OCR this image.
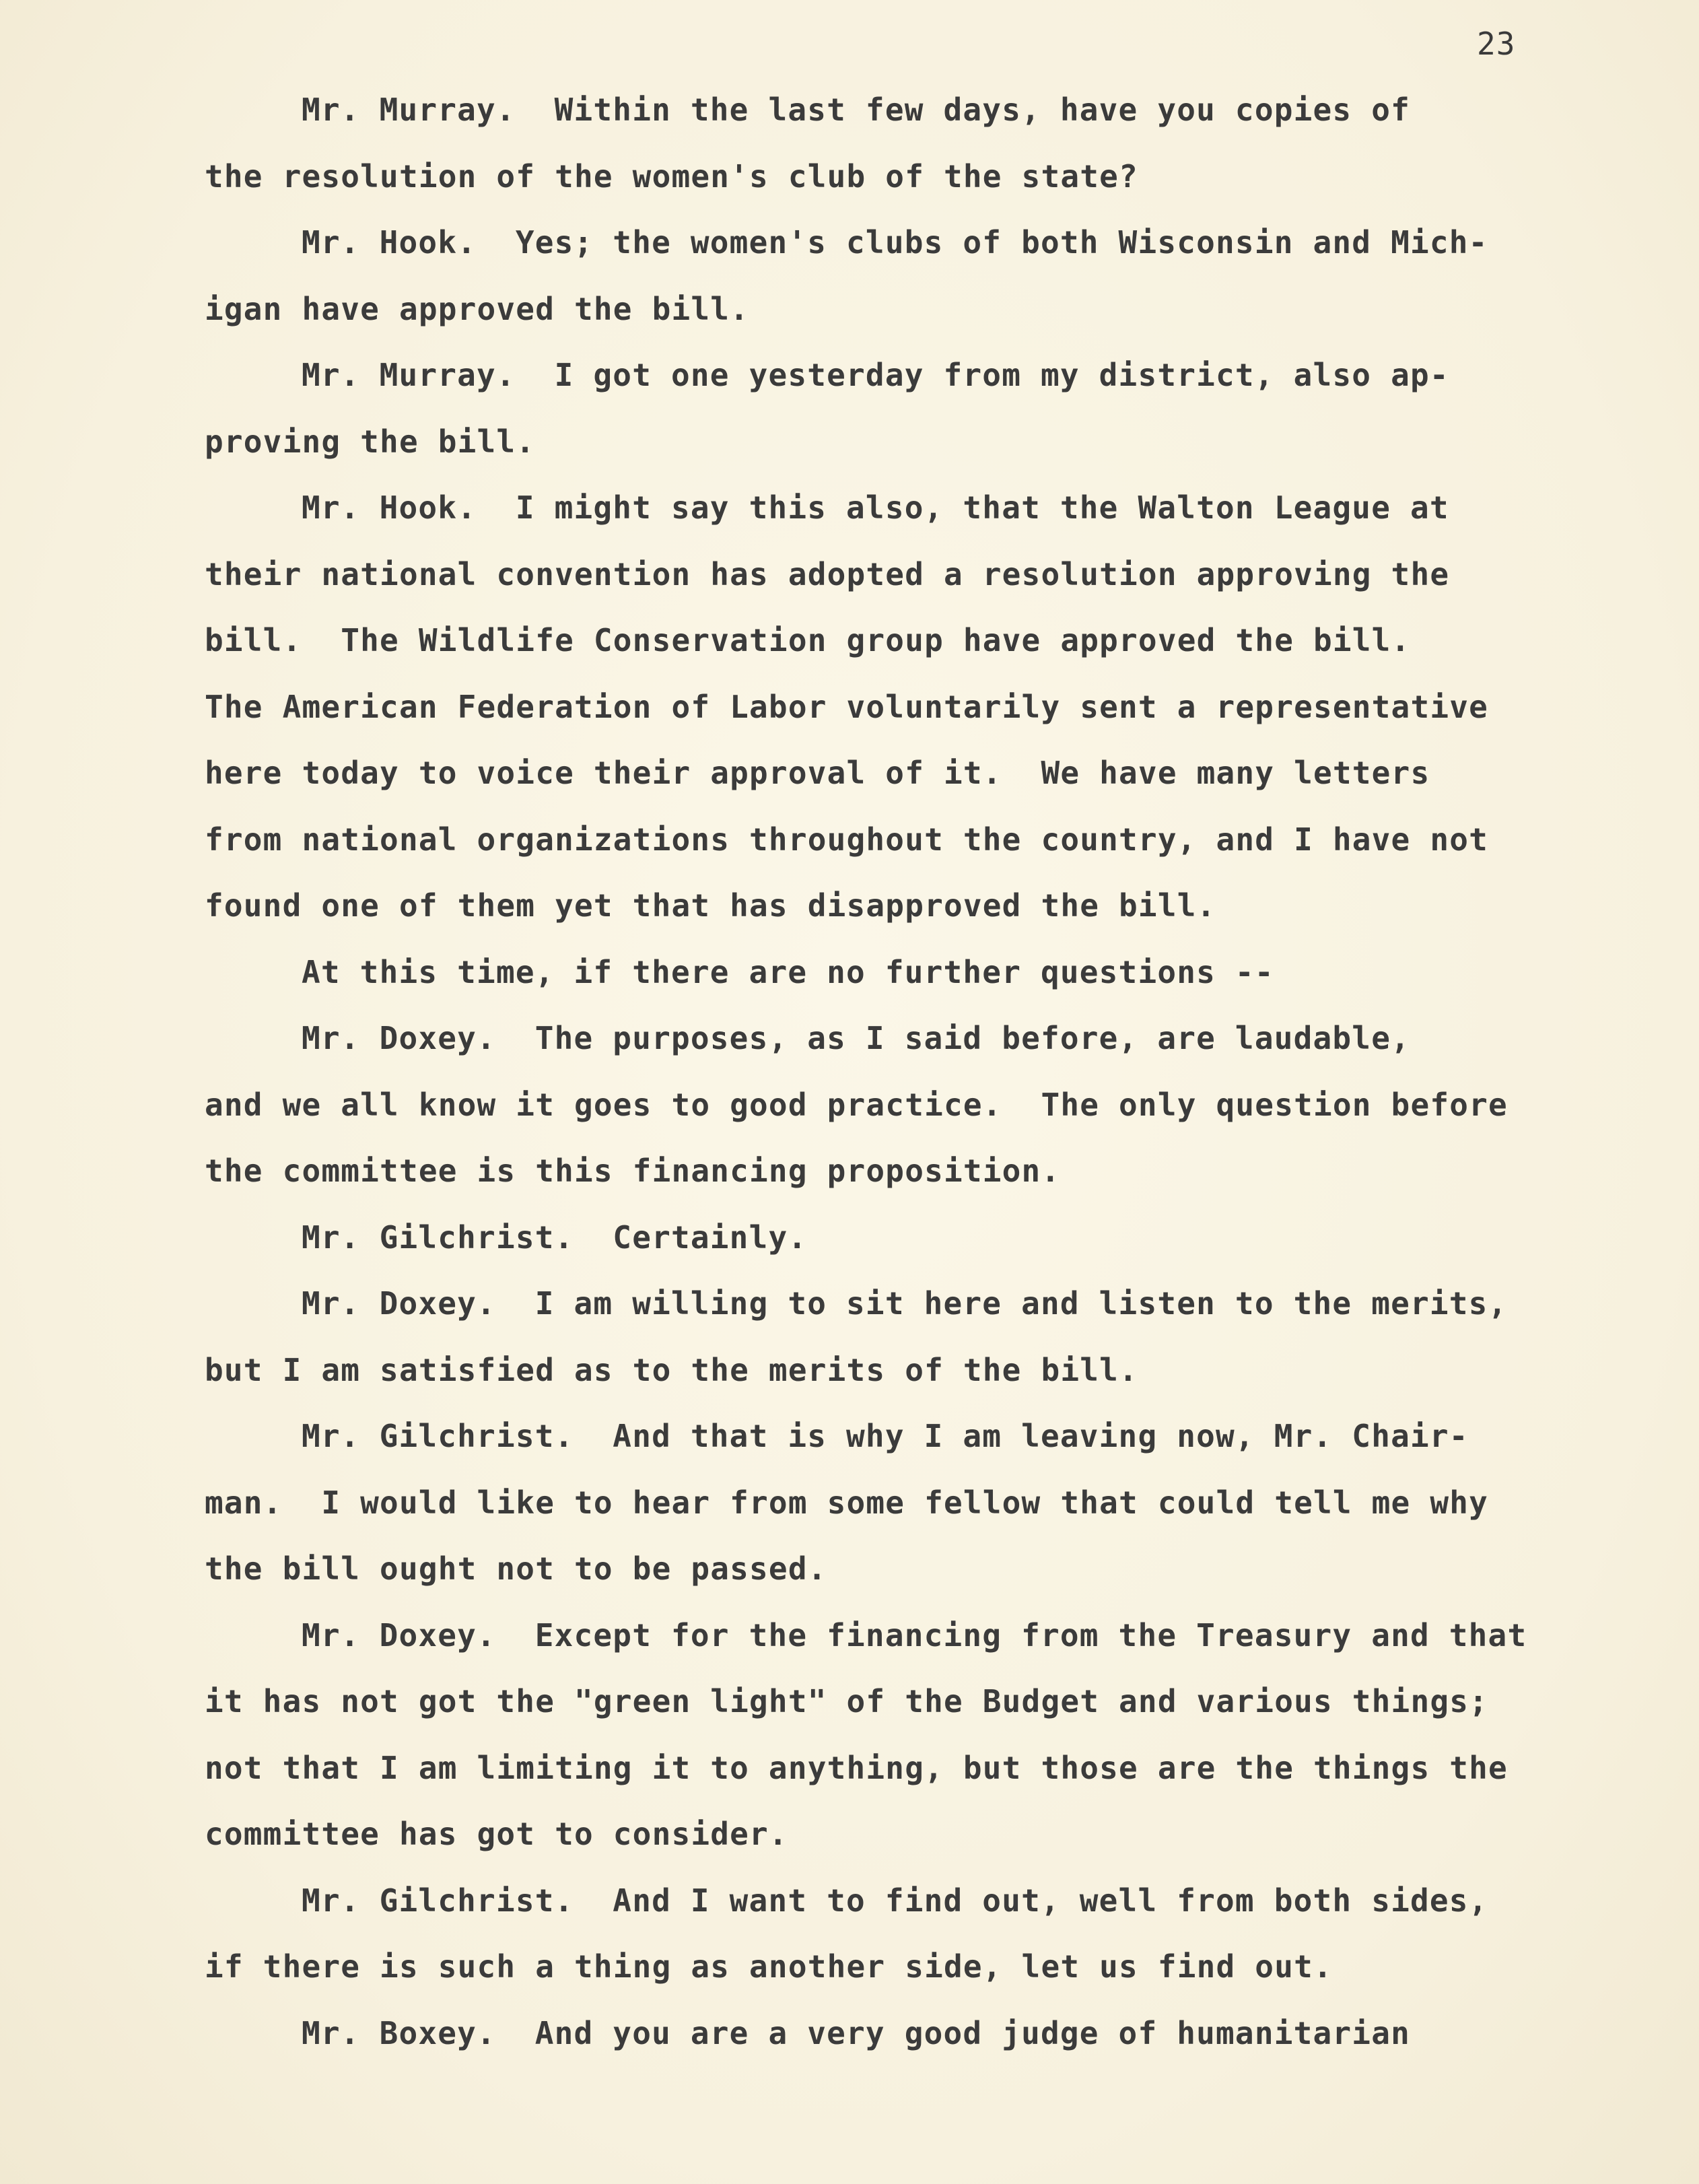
23
Mr. Murray.  Within the last few days, have you copies of
the resolution of the women's club of the state?
Mr. Hook.  Yes; the women's clubs of both Wisconsin and Mich-
igan have approved the bill.
Mr. Murray.  I got one yesterday from my district, also ap-
proving the bill.
Mr. Hook.  I might say this also, that the Walton League at
their national convention has adopted a resolution approving the
bill.  The Wildlife Conservation group have approved the bill.
The American Federation of Labor voluntarily sent a representative
here today to voice their approval of it.  We have many letters
from national organizations throughout the country, and I have not
found one of them yet that has disapproved the bill.
At this time, if there are no further questions --
Mr. Doxey.  The purposes, as I said before, are laudable,
and we all know it goes to good practice.  The only question before
the committee is this financing proposition.
Mr. Gilchrist.  Certainly.
Mr. Doxey.  I am willing to sit here and listen to the merits,
but I am satisfied as to the merits of the bill.
Mr. Gilchrist.  And that is why I am leaving now, Mr. Chair-
man.  I would like to hear from some fellow that could tell me why
the bill ought not to be passed.
Mr. Doxey.  Except for the financing from the Treasury and that
it has not got the "green light" of the Budget and various things;
not that I am limiting it to anything, but those are the things the
committee has got to consider.
Mr. Gilchrist.  And I want to find out, well from both sides,
if there is such a thing as another side, let us find out.
Mr. Boxey.  And you are a very good judge of humanitarian
